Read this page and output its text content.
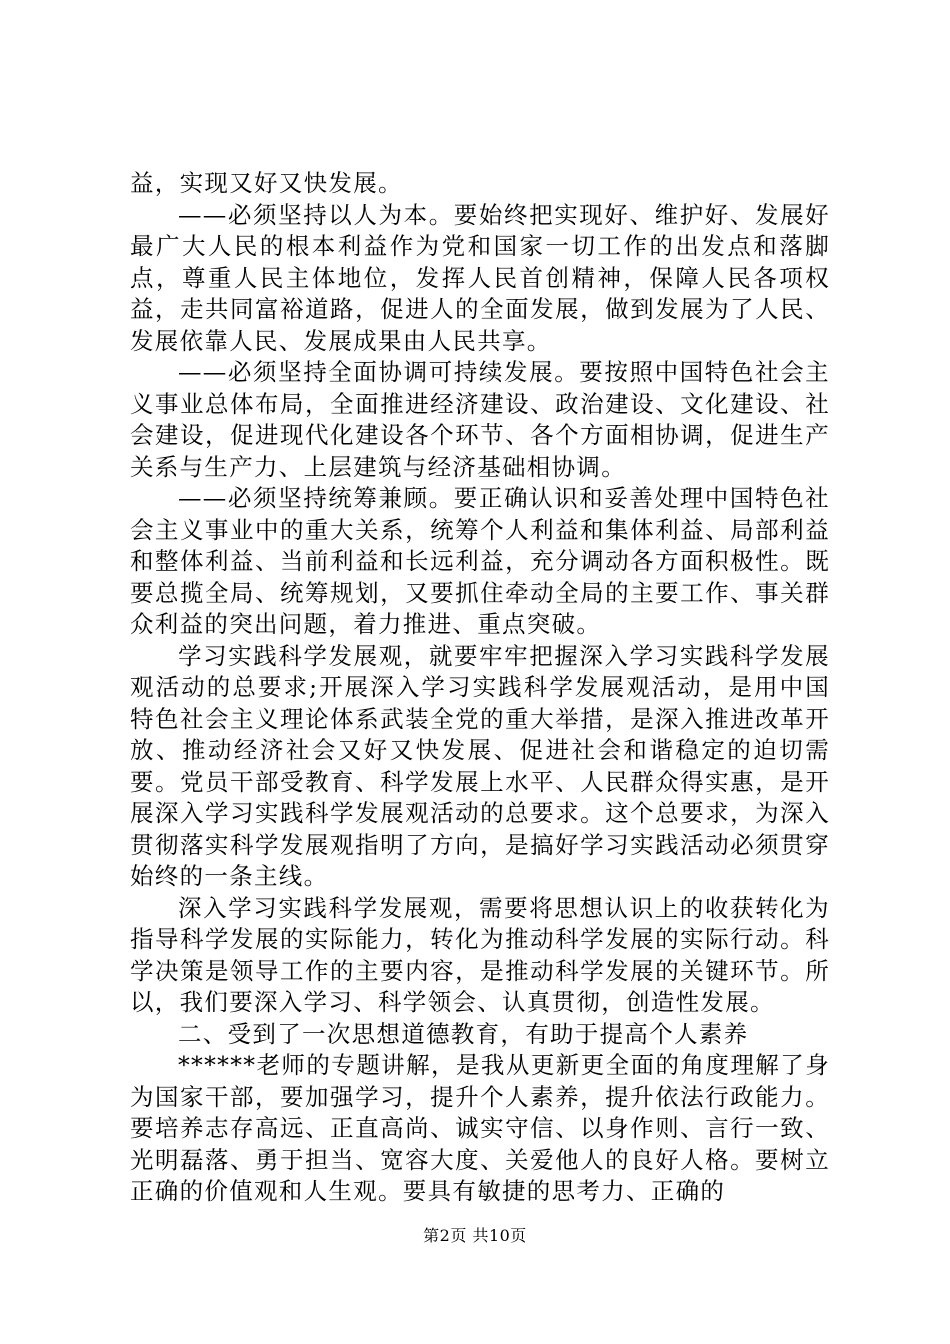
益，实现又好又快发展。

——必须坚持以人为本。要始终把实现好、维护好、发展好最广大人民的根本利益作为党和国家一切工作的出发点和落脚点，尊重人民主体地位，发挥人民首创精神，保障人民各项权益，走共同富裕道路，促进人的全面发展，做到发展为了人民、发展依靠人民、发展成果由人民共享。

——必须坚持全面协调可持续发展。要按照中国特色社会主义事业总体布局，全面推进经济建设、政治建设、文化建设、社会建设，促进现代化建设各个环节、各个方面相协调，促进生产关系与生产力、上层建筑与经济基础相协调。

——必须坚持统筹兼顾。要正确认识和妥善处理中国特色社会主义事业中的重大关系，统筹个人利益和集体利益、局部利益和整体利益、当前利益和长远利益，充分调动各方面积极性。既要总揽全局、统筹规划，又要抓住牵动全局的主要工作、事关群众利益的突出问题，着力推进、重点突破。

学习实践科学发展观，就要牢牢把握深入学习实践科学发展观活动的总要求;开展深入学习实践科学发展观活动，是用中国特色社会主义理论体系武装全党的重大举措，是深入推进改革开放、推动经济社会又好又快发展、促进社会和谐稳定的迫切需要。党员干部受教育、科学发展上水平、人民群众得实惠，是开展深入学习实践科学发展观活动的总要求。这个总要求，为深入贯彻落实科学发展观指明了方向，是搞好学习实践活动必须贯穿始终的一条主线。

深入学习实践科学发展观，需要将思想认识上的收获转化为指导科学发展的实际能力，转化为推动科学发展的实际行动。科学决策是领导工作的主要内容，是推动科学发展的关键环节。所以，我们要深入学习、科学领会、认真贯彻，创造性发展。

二、受到了一次思想道德教育，有助于提高个人素养

******老师的专题讲解，是我从更新更全面的角度理解了身为国家干部，要加强学习，提升个人素养，提升依法行政能力。要培养志存高远、正直高尚、诚实守信、以身作则、言行一致、光明磊落、勇于担当、宽容大度、关爱他人的良好人格。要树立正确的价值观和人生观。要具有敏捷的思考力、正确的

第2页 共10页
